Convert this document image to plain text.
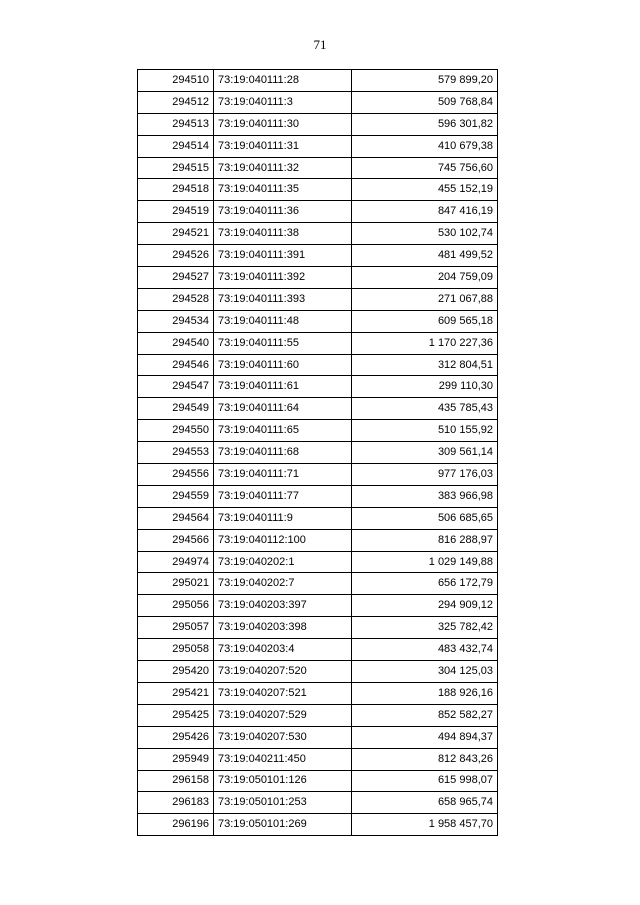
71
294510	73:19:040111:28	579 899,20
294512	73:19:040111:3	509 768,84
294513	73:19:040111:30	596 301,82
294514	73:19:040111:31	410 679,38
294515	73:19:040111:32	745 756,60
294518	73:19:040111:35	455 152,19
294519	73:19:040111:36	847 416,19
294521	73:19:040111:38	530 102,74
294526	73:19:040111:391	481 499,52
294527	73:19:040111:392	204 759,09
294528	73:19:040111:393	271 067,88
294534	73:19:040111:48	609 565,18
294540	73:19:040111:55	1 170 227,36
294546	73:19:040111:60	312 804,51
294547	73:19:040111:61	299 110,30
294549	73:19:040111:64	435 785,43
294550	73:19:040111:65	510 155,92
294553	73:19:040111:68	309 561,14
294556	73:19:040111:71	977 176,03
294559	73:19:040111:77	383 966,98
294564	73:19:040111:9	506 685,65
294566	73:19:040112:100	816 288,97
294974	73:19:040202:1	1 029 149,88
295021	73:19:040202:7	656 172,79
295056	73:19:040203:397	294 909,12
295057	73:19:040203:398	325 782,42
295058	73:19:040203:4	483 432,74
295420	73:19:040207:520	304 125,03
295421	73:19:040207:521	188 926,16
295425	73:19:040207:529	852 582,27
295426	73:19:040207:530	494 894,37
295949	73:19:040211:450	812 843,26
296158	73:19:050101:126	615 998,07
296183	73:19:050101:253	658 965,74
296196	73:19:050101:269	1 958 457,70
